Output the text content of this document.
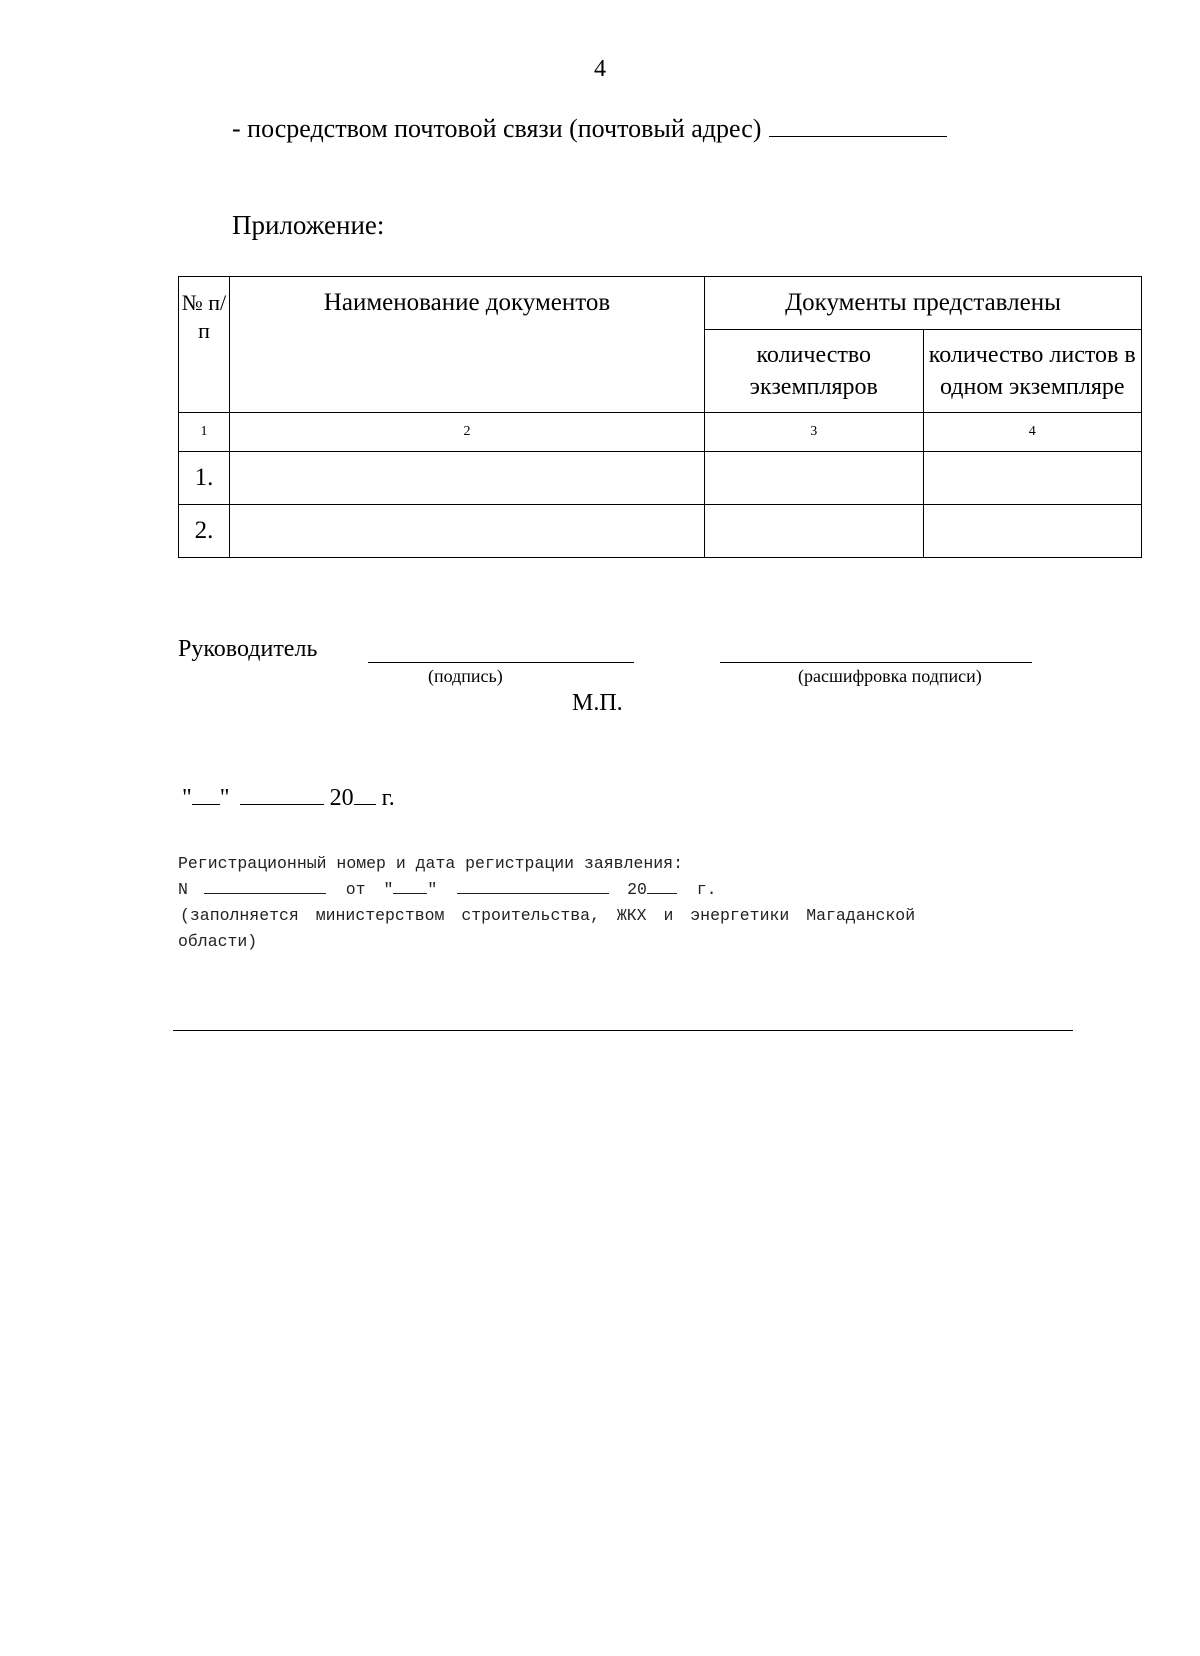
4
- посредством почтовой связи (почтовый адрес)
Приложение:
№ п/п	Наименование документов	Документы представлены	
		количество экземпляров	количество листов в одном экземпляре
1	2	3	4
1.			
2.			
Руководитель
(подпись)	(расшифровка подписи)
М.П.
" "	20 г.
Регистрационный номер и дата регистрации заявления:
N	от " "	20	г.
(заполняется министерством строительства, ЖКХ и энергетики Магаданской
области)
